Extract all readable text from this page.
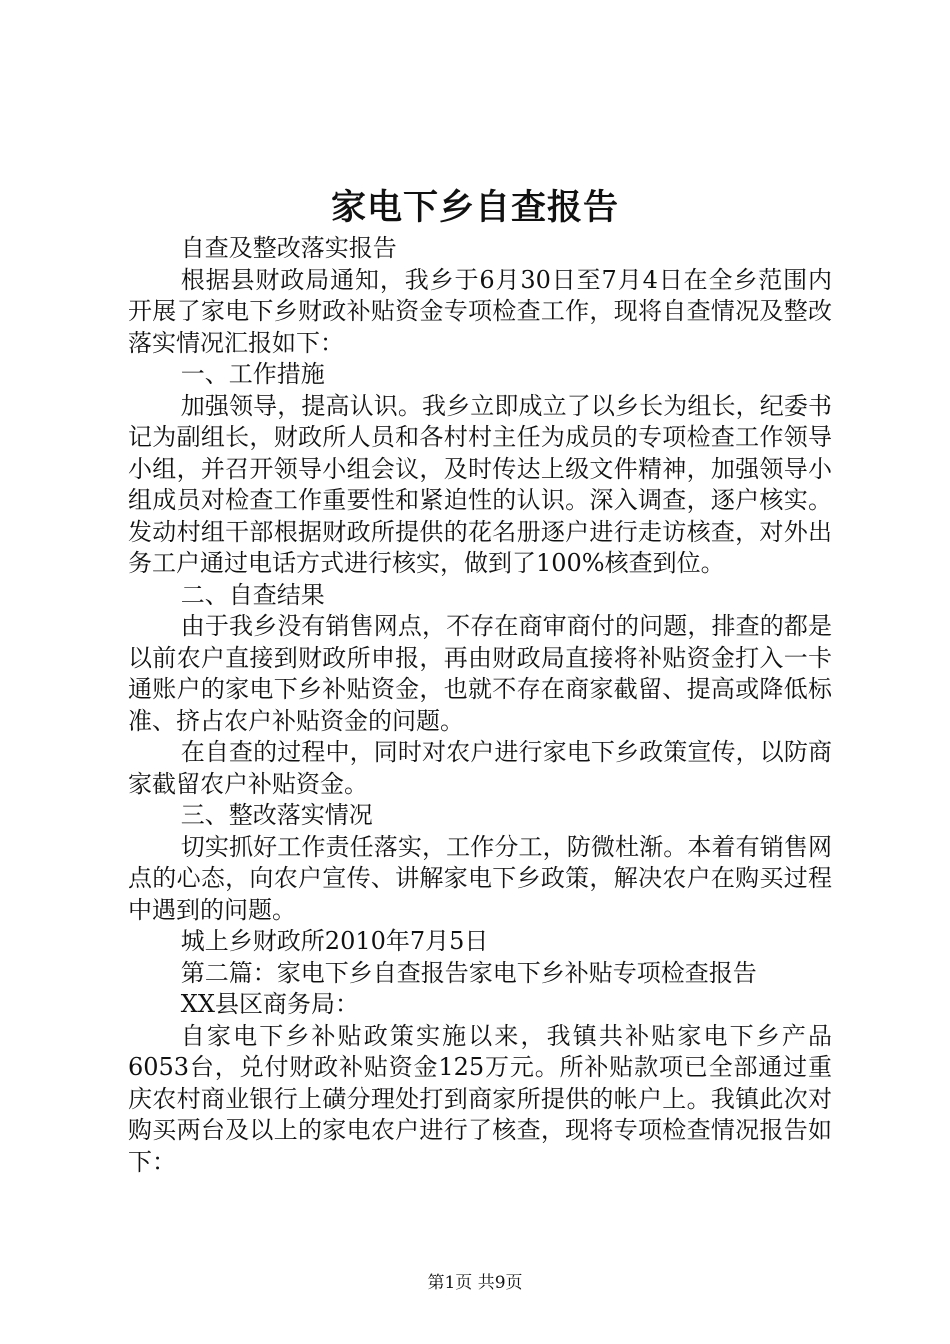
家电下乡自查报告

自查及整改落实报告

根据县财政局通知，我乡于6月30日至7月4日在全乡范围内开展了家电下乡财政补贴资金专项检查工作，现将自查情况及整改落实情况汇报如下：

一、工作措施

加强领导，提高认识。我乡立即成立了以乡长为组长，纪委书记为副组长，财政所人员和各村村主任为成员的专项检查工作领导小组，并召开领导小组会议，及时传达上级文件精神，加强领导小组成员对检查工作重要性和紧迫性的认识。深入调查，逐户核实。发动村组干部根据财政所提供的花名册逐户进行走访核查，对外出务工户通过电话方式进行核实，做到了100%核查到位。

二、自查结果

由于我乡没有销售网点，不存在商审商付的问题，排查的都是以前农户直接到财政所申报，再由财政局直接将补贴资金打入一卡通账户的家电下乡补贴资金，也就不存在商家截留、提高或降低标准、挤占农户补贴资金的问题。

在自查的过程中，同时对农户进行家电下乡政策宣传，以防商家截留农户补贴资金。

三、整改落实情况

切实抓好工作责任落实，工作分工，防微杜渐。本着有销售网点的心态，向农户宣传、讲解家电下乡政策，解决农户在购买过程中遇到的问题。

城上乡财政所2010年7月5日

第二篇：家电下乡自查报告家电下乡补贴专项检查报告

XX县区商务局：

自家电下乡补贴政策实施以来，我镇共补贴家电下乡产品6053台，兑付财政补贴资金125万元。所补贴款项已全部通过重庆农村商业银行上磺分理处打到商家所提供的帐户上。我镇此次对购买两台及以上的家电农户进行了核查，现将专项检查情况报告如下：

第1页 共9页
